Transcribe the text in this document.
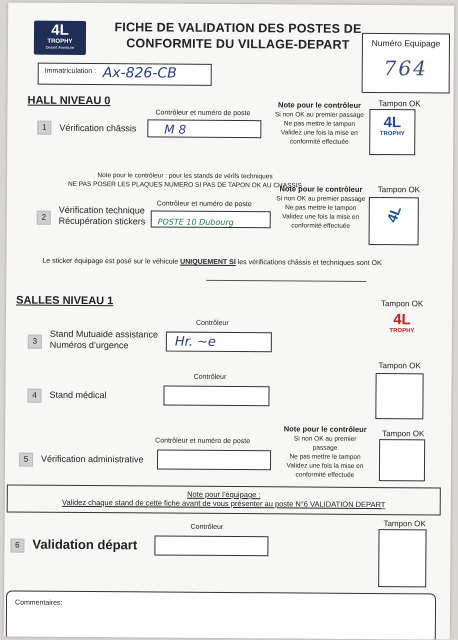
4L
TROPHY
Desert Aventure
FICHE DE VALIDATION DES POSTES DE
CONFORMITE DU VILLAGE-DEPART	Numéro Equipage
764
Immatriculation : Ax-826-CB
HALL NIVEAU 0
Contrôleur et numéro de poste
Note pour le contrôleur
Si non OK au premier passage
Ne pas mettre le tampon
Validez une fois la mise en
conformité effectuée
Tampon OK
4L
TROPHY
1	Vérification châssis	M 8
Note pour le contrôleur : pour les stands de vérifs techniques
NE PAS POSER LES PLAQUES NUMERO SI PAS DE TAPON OK AU CHASSIS
Note pour le contrôleur
Si non OK au premier passage
Ne pas mettre le tampon
Validez une fois la mise en
conformité effectuée
Tampon OK
4L
Contrôleur et numéro de poste
2
Vérification technique
Récupération stickers	POSTE 10 Dubourg
Le sticker équipage est posé sur le véhicule UNIQUEMENT SI les vérifications châssis et techniques sont OK
SALLES NIVEAU 1	Tampon OK
4L
TROPHY
Contrôleur
3
Stand Mutuaide assistance
Numéros d’urgence	Hr. ~e
Tampon OK
Contrôleur
4	Stand médical
Note pour le contrôleur
Si non OK au premier
passage
Ne pas mettre le tampon
Validez une fois la mise en
conformité effectuée
Tampon OK
Contrôleur et numéro de poste
5	Vérification administrative
Note pour l’équipage :
Validez chaque stand de cette fiche avant de vous présenter au poste N°6 VALIDATION DEPART
Tampon OK
Contrôleur
6 Validation départ
Commentaires:
